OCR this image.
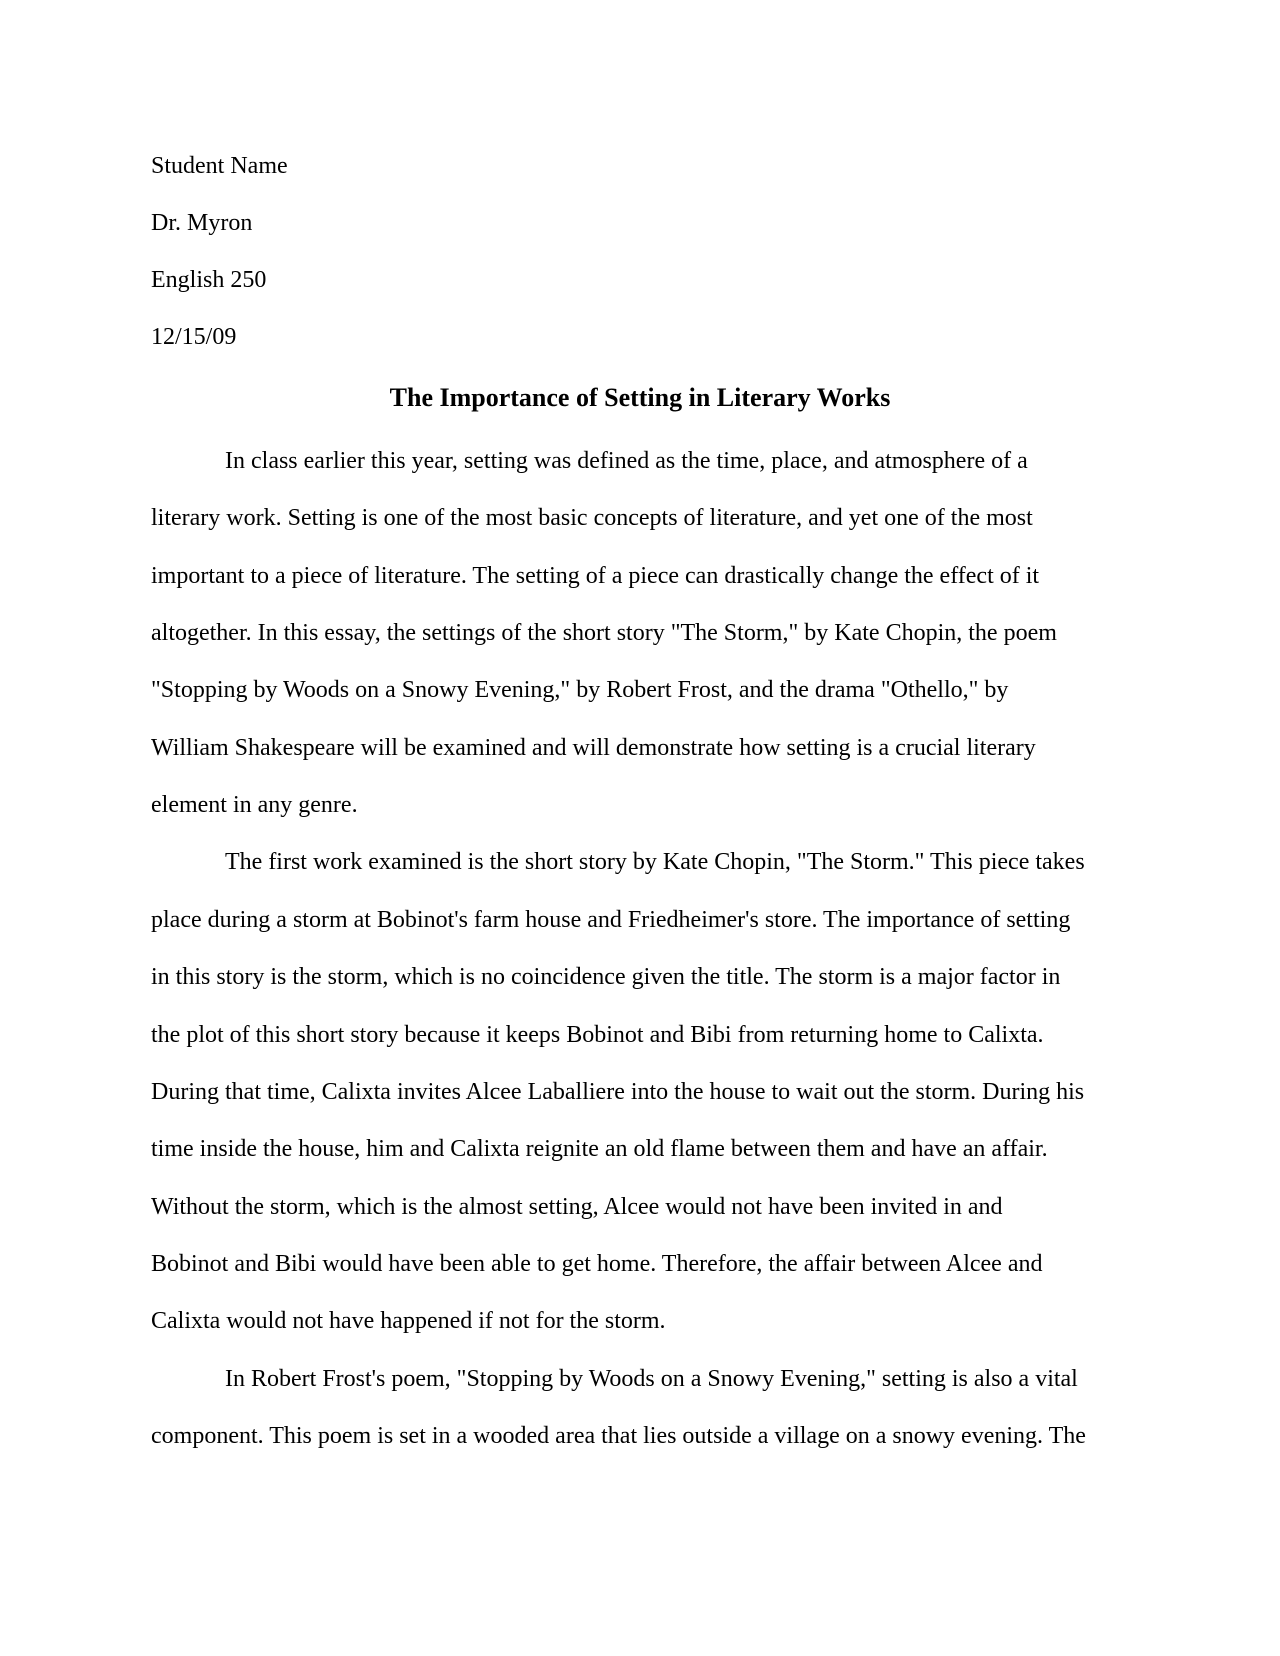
Student Name
Dr. Myron
English 250
12/15/09
The Importance of Setting in Literary Works
In class earlier this year, setting was defined as the time, place, and atmosphere of a
literary work. Setting is one of the most basic concepts of literature, and yet one of the most
important to a piece of literature. The setting of a piece can drastically change the effect of it
altogether. In this essay, the settings of the short story "The Storm," by Kate Chopin, the poem
"Stopping by Woods on a Snowy Evening," by Robert Frost, and the drama "Othello," by
William Shakespeare will be examined and will demonstrate how setting is a crucial literary
element in any genre.
The first work examined is the short story by Kate Chopin, "The Storm." This piece takes
place during a storm at Bobinot's farm house and Friedheimer's store. The importance of setting
in this story is the storm, which is no coincidence given the title. The storm is a major factor in
the plot of this short story because it keeps Bobinot and Bibi from returning home to Calixta.
During that time, Calixta invites Alcee Laballiere into the house to wait out the storm. During his
time inside the house, him and Calixta reignite an old flame between them and have an affair.
Without the storm, which is the almost setting, Alcee would not have been invited in and
Bobinot and Bibi would have been able to get home. Therefore, the affair between Alcee and
Calixta would not have happened if not for the storm.
In Robert Frost's poem, "Stopping by Woods on a Snowy Evening," setting is also a vital
component. This poem is set in a wooded area that lies outside a village on a snowy evening. The
